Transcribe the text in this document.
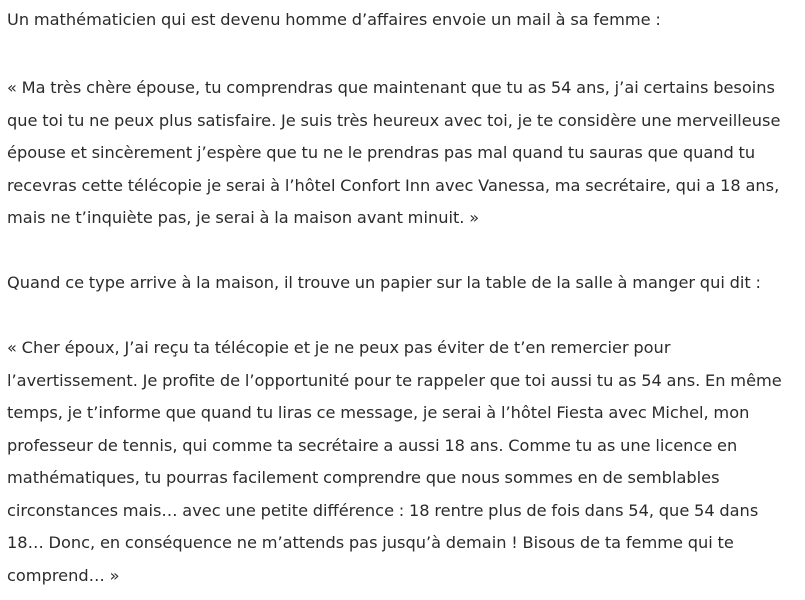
Un mathématicien qui est devenu homme d’affaires envoie un mail à sa femme :

« Ma très chère épouse, tu comprendras que maintenant que tu as 54 ans, j’ai certains besoins
que toi tu ne peux plus satisfaire. Je suis très heureux avec toi, je te considère une merveilleuse
épouse et sincèrement j’espère que tu ne le prendras pas mal quand tu sauras que quand tu
recevras cette télécopie je serai à l’hôtel Confort Inn avec Vanessa, ma secrétaire, qui a 18 ans,
mais ne t’inquiète pas, je serai à la maison avant minuit. »

Quand ce type arrive à la maison, il trouve un papier sur la table de la salle à manger qui dit :

« Cher époux, J’ai reçu ta télécopie et je ne peux pas éviter de t’en remercier pour
l’avertissement. Je profite de l’opportunité pour te rappeler que toi aussi tu as 54 ans. En même
temps, je t’informe que quand tu liras ce message, je serai à l’hôtel Fiesta avec Michel, mon
professeur de tennis, qui comme ta secrétaire a aussi 18 ans. Comme tu as une licence en
mathématiques, tu pourras facilement comprendre que nous sommes en de semblables
circonstances mais… avec une petite différence : 18 rentre plus de fois dans 54, que 54 dans
18… Donc, en conséquence ne m’attends pas jusqu’à demain ! Bisous de ta femme qui te
comprend… »
